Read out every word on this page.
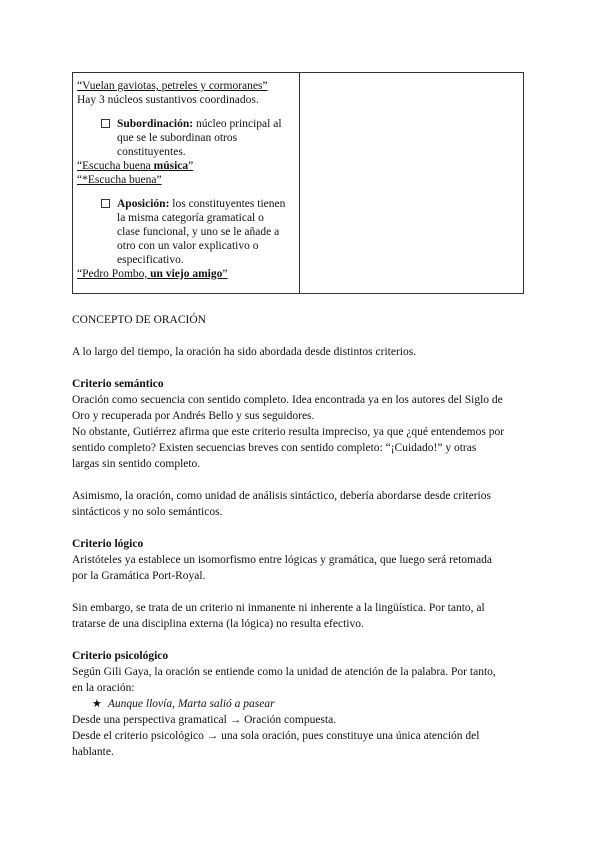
“Vuelan gaviotas, petreles y cormoranes”
Hay 3 núcleos sustantivos coordinados.
Subordinación: núcleo principal al
que se le subordinan otros
constituyentes.
“Escucha buena música”
“*Escucha buena”
Aposición: los constituyentes tienen
la misma categoría gramatical o
clase funcional, y uno se le añade a
otro con un valor explicativo o
especificativo.
“Pedro Pombo, un viejo amigo”
CONCEPTO DE ORACIÓN
A lo largo del tiempo, la oración ha sido abordada desde distintos criterios.
Criterio semántico
Oración como secuencia con sentido completo. Idea encontrada ya en los autores del Siglo de
Oro y recuperada por Andrés Bello y sus seguidores.
No obstante, Gutiérrez afirma que este criterio resulta impreciso, ya que ¿qué entendemos por
sentido completo? Existen secuencias breves con sentido completo: “¡Cuidado!” y otras
largas sin sentido completo.
Asimismo, la oración, como unidad de análisis sintáctico, debería abordarse desde criterios
sintácticos y no solo semánticos.
Criterio lógico
Aristóteles ya establece un isomorfismo entre lógicas y gramática, que luego será retomada
por la Gramática Port-Royal.
Sin embargo, se trata de un criterio ni inmanente ni inherente a la lingüística. Por tanto, al
tratarse de una disciplina externa (la lógica) no resulta efectivo.
Criterio psicológico
Según Gili Gaya, la oración se entiende como la unidad de atención de la palabra. Por tanto,
en la oración:
★ Aunque llovía, Marta salió a pasear
Desde una perspectiva gramatical → Oración compuesta.
Desde el criterio psicológico → una sola oración, pues constituye una única atención del
hablante.
